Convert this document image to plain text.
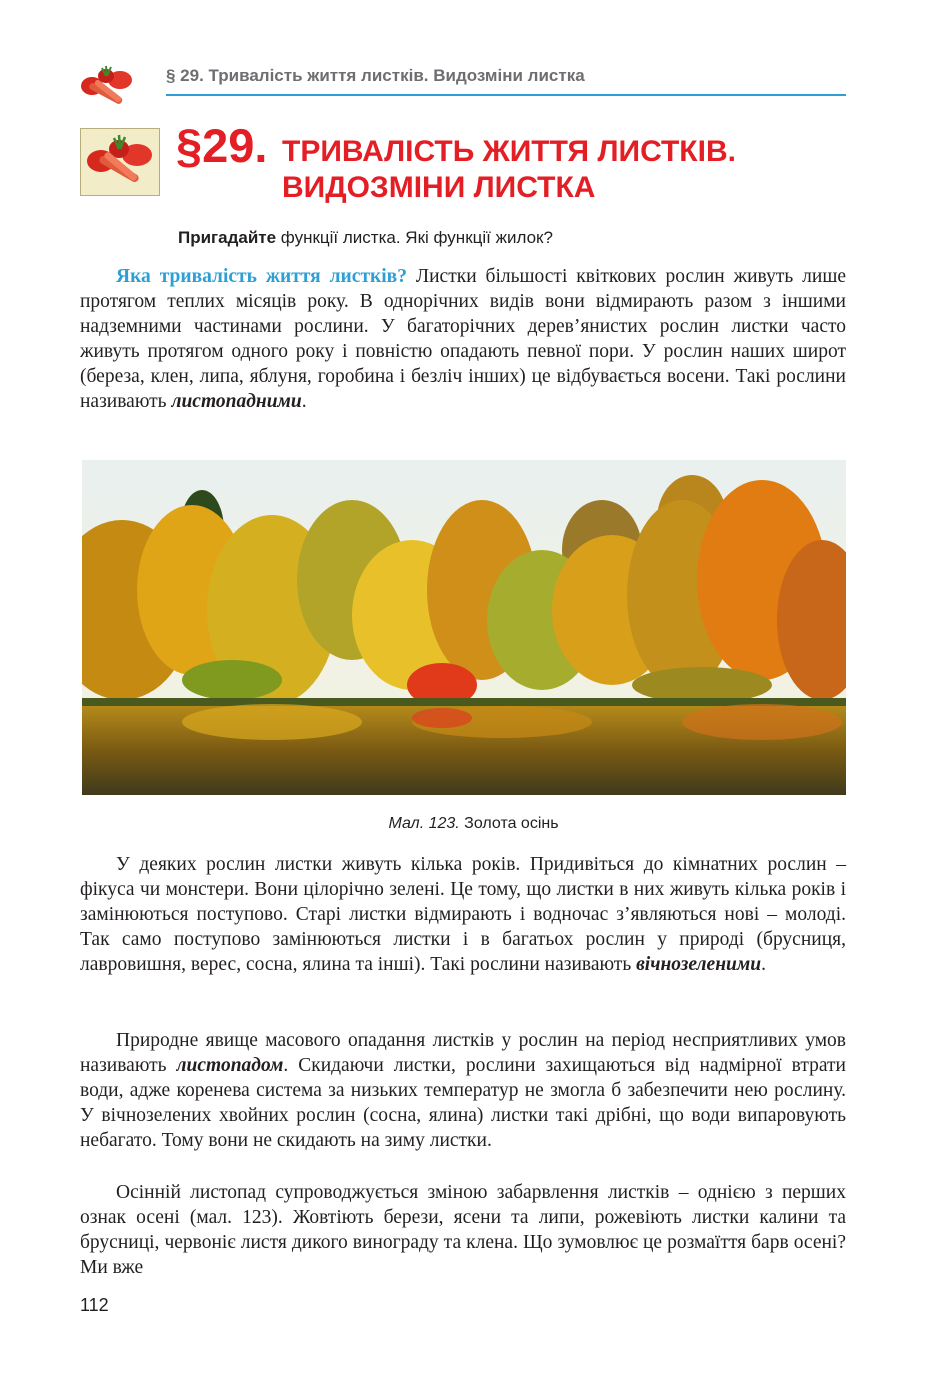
§ 29. Тривалість життя листків. Видозміни листка
§29. ТРИВАЛІСТЬ ЖИТТЯ ЛИСТКІВ.
ВИДОЗМІНИ ЛИСТКА
Пригадайте функції листка. Які функції жилок?

Яка тривалість життя листків? Листки більшості квіткових рослин живуть лише протягом теплих місяців року. В однорічних видів вони відмирають разом з іншими надземними частинами рослини. У багаторічних дерев’янистих рослин листки часто живуть протягом одного року і повністю опадають певної пори. У рослин наших широт (береза, клен, липа, яблуня, горобина і безліч інших) це відбувається восени. Такі рослини називають листопадними.

Мал. 123. Золота осінь

У деяких рослин листки живуть кілька років. Придивіться до кімнатних рослин – фікуса чи монстери. Вони цілорічно зелені. Це тому, що листки в них живуть кілька років і замінюються поступово. Старі листки відмирають і водночас з’являються нові – молоді. Так само поступово замінюються листки і в багатьох рослин у природі (брусниця, лавровишня, верес, сосна, ялина та інші). Такі рослини називають вічнозеленими.

Природне явище масового опадання листків у рослин на період несприятливих умов називають листопадом. Скидаючи листки, рослини захищаються від надмірної втрати води, адже коренева система за низьких температур не змогла б забезпечити нею рослину. У вічнозелених хвойних рослин (сосна, ялина) листки такі дрібні, що води випаровують небагато. Тому вони не скидають на зиму листки.

Осінній листопад супроводжується зміною забарвлення листків – однією з перших ознак осені (мал. 123). Жовтіють берези, ясени та липи, рожевіють листки калини та брусниці, червоніє листя дикого винограду та клена. Що зумовлює це розмаїття барв осені? Ми вже

112
